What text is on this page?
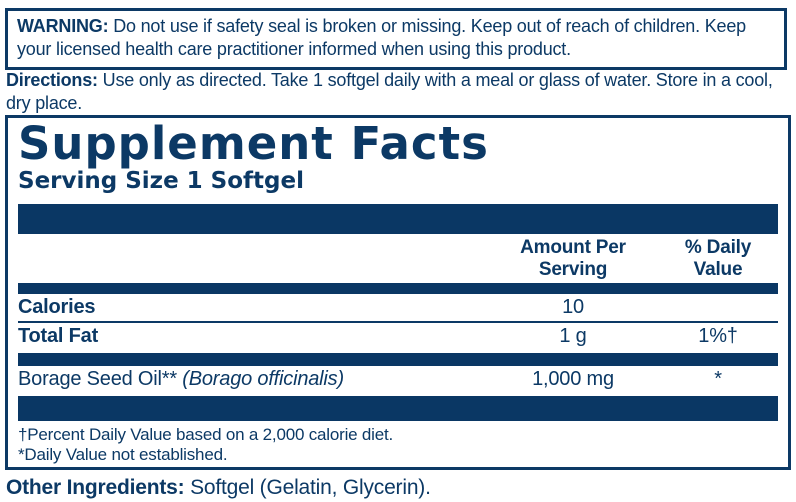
WARNING: Do not use if safety seal is broken or missing. Keep out of reach of children. Keep your licensed health care practitioner informed when using this product.
Directions: Use only as directed. Take 1 softgel daily with a meal or glass of water. Store in a cool, dry place.
Supplement Facts
Serving Size 1 Softgel
Amount Per
Serving
% Daily
Value
Calories	10
Total Fat	1 g	1%†
Borage Seed Oil** (Borago officinalis)	1,000 mg	*
†Percent Daily Value based on a 2,000 calorie diet.
*Daily Value not established.
Other Ingredients: Softgel (Gelatin, Glycerin).
